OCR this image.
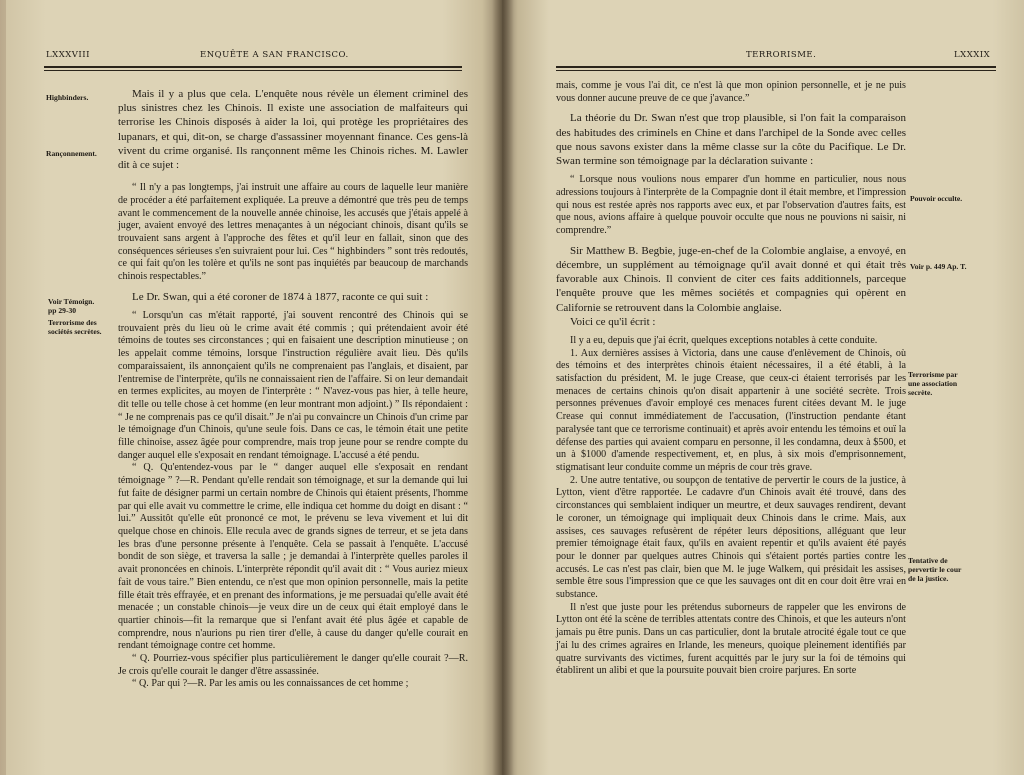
LXXXVIII	ENQUÊTE A SAN FRANCISCO.
Highbinders.
Rançonnement.
Voir Témoign.
pp 29-30
Terrorisme des
sociétés secrètes.

Mais il y a plus que cela. L'enquête nous révèle un élement criminel des plus sinistres chez les Chinois. Il existe une association de malfaiteurs qui terrorise les Chinois disposés à aider la loi, qui protège les propriétaires des lupanars, et qui, dit-on, se charge d'assassiner moyennant finance. Ces gens-là vivent du crime organisé. Ils rançonnent même les Chinois riches. M. Lawler dit à ce sujet :

“ Il n'y a pas longtemps, j'ai instruit une affaire au cours de laquelle leur manière de procéder a été parfaitement expliquée. La preuve a démontré que très peu de temps avant le commencement de la nouvelle année chinoise, les accusés que j'étais appelé à juger, avaient envoyé des lettres menaçantes à un négociant chinois, disant qu'ils se trouvaient sans argent à l'approche des fêtes et qu'il leur en fallait, sinon que des conséquences sérieuses s'en suivraient pour lui. Ces “ highbinders ” sont très redoutés, ce qui fait qu'on les tolère et qu'ils ne sont pas inquiétés par beaucoup de marchands chinois respectables.”

Le Dr. Swan, qui a été coroner de 1874 à 1877, raconte ce qui suit :

“ Lorsqu'un cas m'était rapporté, j'ai souvent rencontré des Chinois qui se trouvaient près du lieu où le crime avait été commis ; qui prétendaient avoir été témoins de toutes ses circonstances ; qui en faisaient une description minutieuse ; on les appelait comme témoins, lorsque l'instruction régulière avait lieu. Dès qu'ils comparaissaient, ils annonçaient qu'ils ne comprenaient pas l'anglais, et disaient, par l'entremise de l'interprète, qu'ils ne connaissaient rien de l'affaire. Si on leur demandait en termes explicites, au moyen de l'interprète : “ N'avez-vous pas hier, à telle heure, dit telle ou telle chose à cet homme (en leur montrant mon adjoint.) ” Ils répondaient : “ Je ne comprenais pas ce qu'il disait.” Je n'ai pu convaincre un Chinois d'un crime par le témoignage d'un Chinois, qu'une seule fois. Dans ce cas, le témoin était une petite fille chinoise, assez âgée pour comprendre, mais trop jeune pour se rendre compte du danger auquel elle s'exposait en rendant témoignage. L'accusé a été pendu.

“ Q. Qu'entendez-vous par le “ danger auquel elle s'exposait en rendant témoignage ” ?—R. Pendant qu'elle rendait son témoignage, et sur la demande qui lui fut faite de désigner parmi un certain nombre de Chinois qui étaient présents, l'homme par qui elle avait vu commettre le crime, elle indiqua cet homme du doigt en disant : “ lui.” Aussitôt qu'elle eût prononcé ce mot, le prévenu se leva vivement et lui dit quelque chose en chinois. Elle recula avec de grands signes de terreur, et se jeta dans les bras d'une personne présente à l'enquête. Cela se passait à l'enquête. L'accusé bondit de son siège, et traversa la salle ; je demandai à l'interprète quelles paroles il avait prononcées en chinois. L'interprète répondit qu'il avait dit : “ Vous auriez mieux fait de vous taire.” Bien entendu, ce n'est que mon opinion personnelle, mais la petite fille était très effrayée, et en prenant des informations, je me persuadai qu'elle avait été menacée ; un constable chinois—je veux dire un de ceux qui était employé dans le quartier chinois—fit la remarque que si l'enfant avait été plus âgée et capable de comprendre, nous n'aurions pu rien tirer d'elle, à cause du danger qu'elle courait en rendant témoignage contre cet homme.

“ Q. Pourriez-vous spécifier plus particulièrement le danger qu'elle courait ?—R. Je crois qu'elle courait le danger d'être assassinée.

“ Q. Par qui ?—R. Par les amis ou les connaissances de cet homme ;

TERRORISME.	LXXXIX
Pouvoir occulte.
Voir p. 449 Ap. T.
Terrorisme par
une association
secrète.
Tentative de
pervertir le cour
de la justice.

mais, comme je vous l'ai dit, ce n'est là que mon opinion personnelle, et je ne puis vous donner aucune preuve de ce que j'avance.”

La théorie du Dr. Swan n'est que trop plausible, si l'on fait la comparaison des habitudes des criminels en Chine et dans l'archipel de la Sonde avec celles que nous savons exister dans la même classe sur la côte du Pacifique. Le Dr. Swan termine son témoignage par la déclaration suivante :

“ Lorsque nous voulions nous emparer d'un homme en particulier, nous nous adressions toujours à l'interprète de la Compagnie dont il était membre, et l'impression qui nous est restée après nos rapports avec eux, et par l'observation d'autres faits, est que nous, avions affaire à quelque pouvoir occulte que nous ne pouvions ni saisir, ni comprendre.”

Sir Matthew B. Begbie, juge-en-chef de la Colombie anglaise, a envoyé, en décembre, un supplément au témoignage qu'il avait donné et qui était très favorable aux Chinois. Il convient de citer ces faits additionnels, parceque l'enquête prouve que les mêmes sociétés et compagnies qui opèrent en Californie se retrouvent dans la Colombie anglaise.

Voici ce qu'il écrit :

Il y a eu, depuis que j'ai écrit, quelques exceptions notables à cette conduite.

1. Aux dernières assises à Victoria, dans une cause d'enlèvement de Chinois, où des témoins et des interprètes chinois étaient nécessaires, il a été établi, à la satisfaction du président, M. le juge Crease, que ceux-ci étaient terrorisés par les menaces de certains chinois qu'on disait appartenir à une société secrète. Trois personnes prévenues d'avoir employé ces menaces furent citées devant M. le juge Crease qui connut immédiatement de l'accusation, (l'instruction pendante étant paralysée tant que ce terrorisme continuait) et après avoir entendu les témoins et ouï la défense des parties qui avaient comparu en personne, il les condamna, deux à $500, et un à $1000 d'amende respectivement, et, en plus, à six mois d'emprisonnement, stigmatisant leur conduite comme un mépris de cour très grave.

2. Une autre tentative, ou soupçon de tentative de pervertir le cours de la justice, à Lytton, vient d'être rapportée. Le cadavre d'un Chinois avait été trouvé, dans des circonstances qui semblaient indiquer un meurtre, et deux sauvages rendirent, devant le coroner, un témoignage qui impliquait deux Chinois dans le crime. Mais, aux assises, ces sauvages refusèrent de répéter leurs dépositions, alléguant que leur premier témoignage était faux, qu'ils en avaient repentir et qu'ils avaient été payés pour le donner par quelques autres Chinois qui s'étaient portés parties contre les accusés. Le cas n'est pas clair, bien que M. le juge Walkem, qui présidait les assises, semble être sous l'impression que ce que les sauvages ont dit en cour doit être vrai en substance.

Il n'est que juste pour les prétendus suborneurs de rappeler que les environs de Lytton ont été la scène de terribles attentats contre des Chinois, et que les auteurs n'ont jamais pu être punis. Dans un cas particulier, dont la brutale atrocité égale tout ce que j'ai lu des crimes agraires en Irlande, les meneurs, quoique pleinement identifiés par quatre survivants des victimes, furent acquittés par le jury sur la foi de témoins qui établirent un alibi et que la poursuite pouvait bien croire parjures. En sorte
